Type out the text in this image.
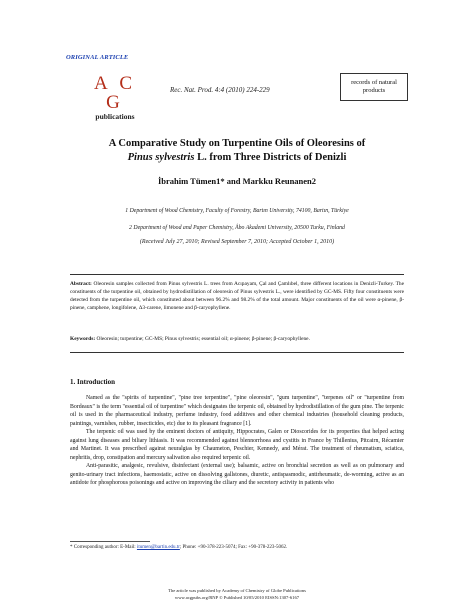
ORIGINAL ARTICLE
A C G
publications
Rec. Nat. Prod. 4:4 (2010) 224-229
records of natural
products
A Comparative Study on Turpentine Oils of Oleoresins of
Pinus sylvestris L. from Three Districts of Denizli
İbrahim Tümen1* and Markku Reunanen2
1 Department of Wood Chemistry, Faculty of Forestry, Bartın University, 74100, Bartın, Türkiye
2 Department of Wood and Paper Chemistry, Åbo Akademi University, 20500 Turku, Finland
(Received July 27, 2010; Revised September 7, 2010; Accepted October 1, 2010)
Abstract: Oleoresin samples collected from Pinus sylvestris L. trees from Acıpayam, Çal and Çamlıbel, three different locations in Denizli-Turkey. The constituents of the turpentine oil, obtained by hydrodistillation of oleoresin of Pinus sylvestris L., were identified by GC-MS. Fifty four constituents were detected from the turpentine oil, which constituted about between 96.2% and 98.2% of the total amount. Major constituents of the oil were α-pinene, β-pinene, camphene, longifolene, Δ3-carene, limonene and β-caryophyllene.
Keywords: Oleoresin; turpentine; GC-MS; Pinus sylvestris; essential oil; α-pinene; β-pinene; β-caryophyllene.
1. Introduction

Named as the "spirits of turpentine", "pine tree terpentine", "pine oleoresin", "gum turpentine", "terpenes oil" or "turpentine from Bordeaux" is the term "essential oil of turpentine" which designates the terpenic oil, obtained by hydrodistillation of the gum pine. The terpenic oil is used in the pharmaceutical industry, perfume industry, food additives and other chemical industries (household cleaning products, paintings, varnishes, rubber, insecticides, etc) due to its pleasant fragrance [1].

The terpenic oil was used by the eminent doctors of antiquity, Hippocrates, Galen or Dioscorides for its properties that helped acting against lung diseases and biliary lithiasis. It was recommended against blennorrhoea and cystitis in France by Thillenius, Pitcairn, Récamier and Martinet. It was prescribed against neuralgias by Chaumeton, Peschier, Kennedy, and Mérat. The treatment of rheumatism, sciatica, nephritis, drop, constipation and mercury salivation also required terpenic oil.

Anti-parasitic, analgesic, revulsive, disinfectant (external use); balsamic, active on bronchial secretion as well as on pulmonary and genito-urinary tract infections, haemostatic, active on dissolving gallstones, diuretic, antispasmodic, antirheumatic, de-worming, active as an antidote for phosphorous poisonings and active on improving the ciliary and the secretory activity in patients who

* Corresponding author: E-Mail: itumen@bartin.edu.tr; Phone: +90-378-223-5074; Fax: +90-378-223-5062.
The article was published by Academy of Chemistry of Globe Publications
www.acgpubs.org/RNP © Published 10/05/2010 EISSN:1307-6167
